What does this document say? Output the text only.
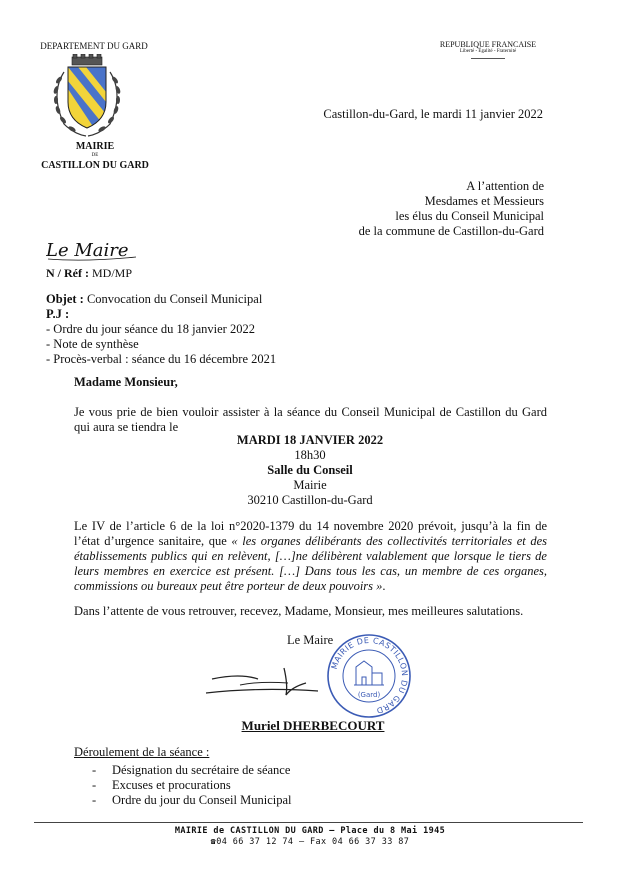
DEPARTEMENT DU GARD
MAIRIE
DE
CASTILLON DU GARD
REPUBLIQUE FRANCAISE
Liberté - Égalité - Fraternité
Castillon-du-Gard, le mardi 11 janvier 2022
A l’attention de
Mesdames et Messieurs
les élus du Conseil Municipal
de la commune de Castillon-du-Gard
Le Maire
N / Réf : MD/MP
Objet : Convocation du Conseil Municipal
P.J :
- Ordre du jour séance du 18 janvier 2022
- Note de synthèse
- Procès-verbal : séance du 16 décembre 2021
Madame Monsieur,
Je vous prie de bien vouloir assister à la séance du Conseil Municipal de Castillon du Gard qui aura se tiendra le
MARDI 18 JANVIER 2022
18h30
Salle du Conseil
Mairie
30210 Castillon-du-Gard
Le IV de l’article 6 de la loi n°2020-1379 du 14 novembre 2020 prévoit, jusqu’à la fin de l’état d’urgence sanitaire, que « les organes délibérants des collectivités territoriales et des établissements publics qui en relèvent, […]ne délibèrent valablement que lorsque le tiers de leurs membres en exercice est présent. […] Dans tous les cas, un membre de ces organes, commissions ou bureaux peut être porteur de deux pouvoirs ».
Dans l’attente de vous retrouver, recevez, Madame, Monsieur, mes meilleures salutations.
Le Maire
MAIRIE DE CASTILLON DU GARD
(Gard)
Muriel DHERBECOURT
Déroulement de la séance :
- Désignation du secrétaire de séance
- Excuses et procurations
- Ordre du jour du Conseil Municipal
MAIRIE de CASTILLON DU GARD – Place du 8 Mai 1945
☎04 66 37 12 74 – Fax 04 66 37 33 87
